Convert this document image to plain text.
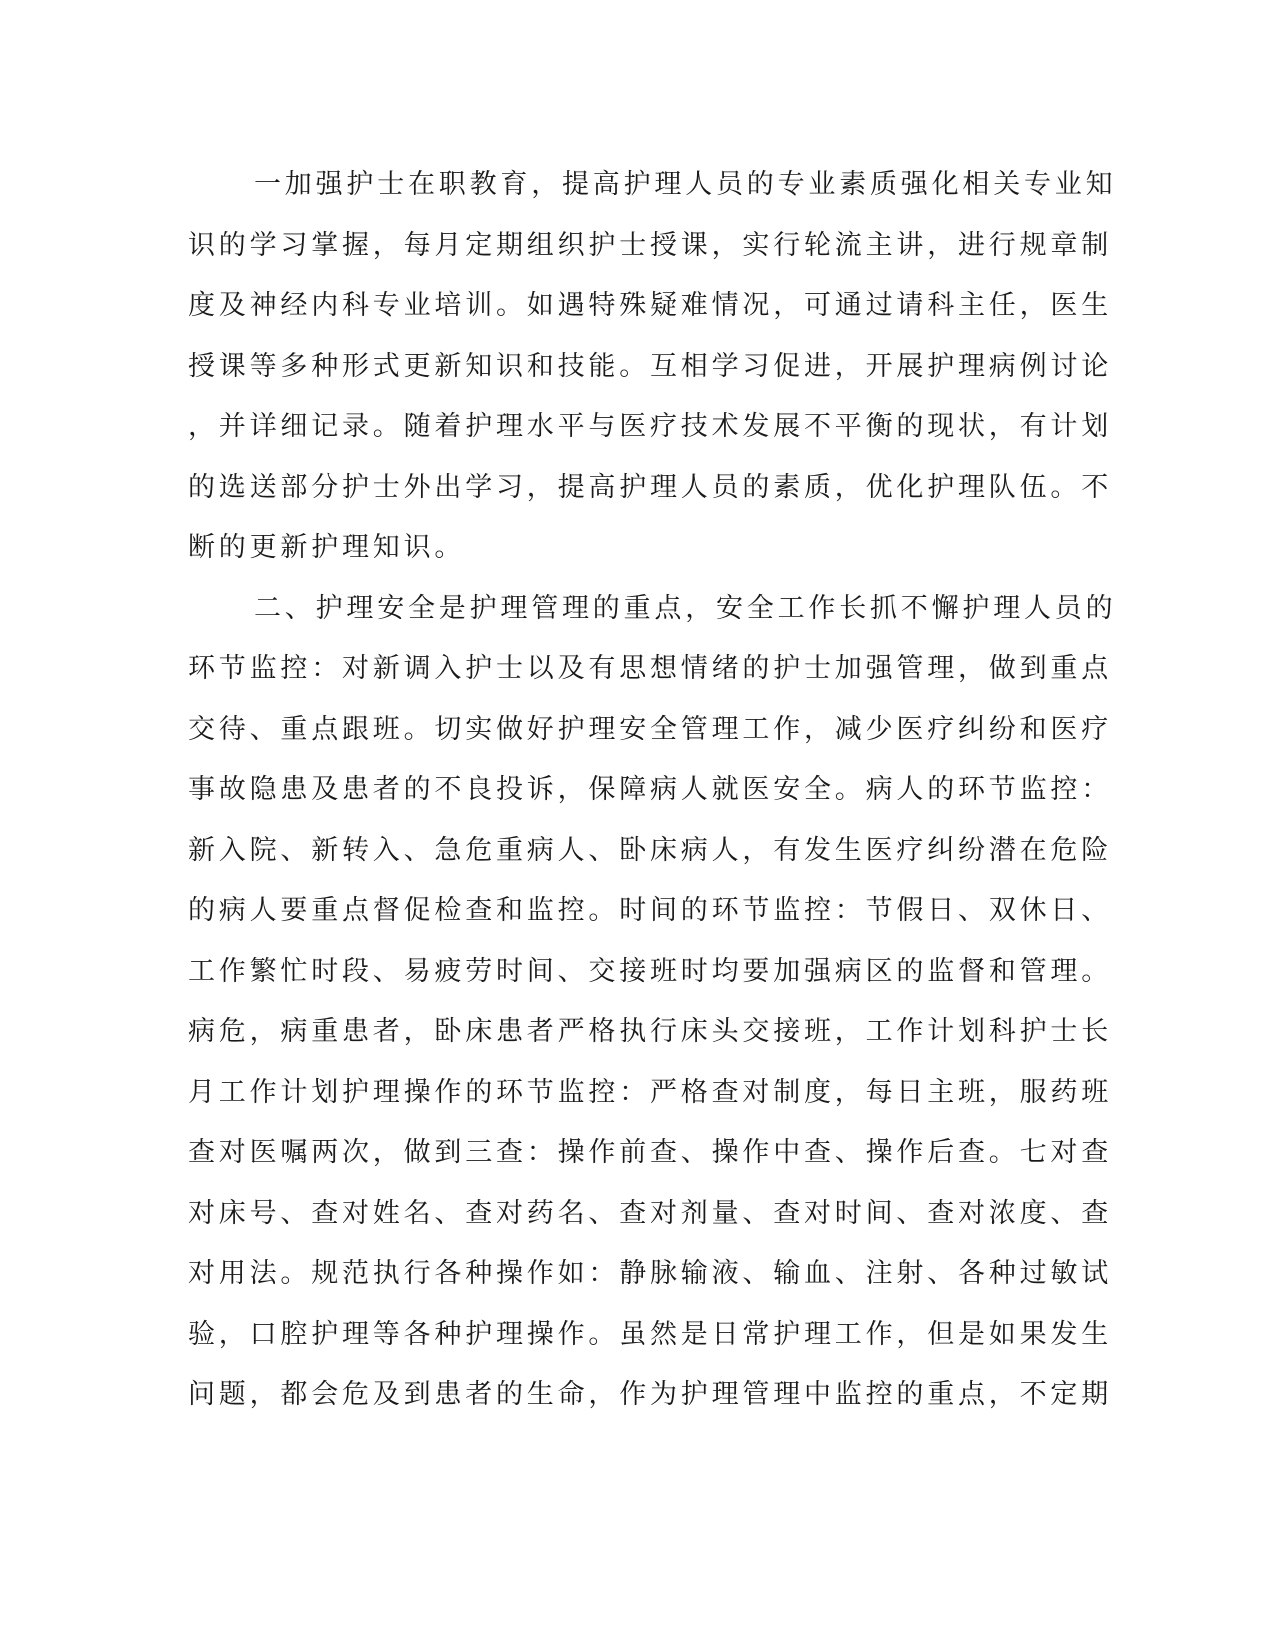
一加强护士在职教育，提高护理人员的专业素质强化相关专业知
识的学习掌握，每月定期组织护士授课，实行轮流主讲，进行规章制
度及神经内科专业培训。如遇特殊疑难情况，可通过请科主任，医生
授课等多种形式更新知识和技能。互相学习促进，开展护理病例讨论
，并详细记录。随着护理水平与医疗技术发展不平衡的现状，有计划
的选送部分护士外出学习，提高护理人员的素质，优化护理队伍。不
断的更新护理知识。
二、护理安全是护理管理的重点，安全工作长抓不懈护理人员的
环节监控：对新调入护士以及有思想情绪的护士加强管理，做到重点
交待、重点跟班。切实做好护理安全管理工作，减少医疗纠纷和医疗
事故隐患及患者的不良投诉，保障病人就医安全。病人的环节监控：
新入院、新转入、急危重病人、卧床病人，有发生医疗纠纷潜在危险
的病人要重点督促检查和监控。时间的环节监控：节假日、双休日、
工作繁忙时段、易疲劳时间、交接班时均要加强病区的监督和管理。
病危，病重患者，卧床患者严格执行床头交接班，工作计划科护士长
月工作计划护理操作的环节监控：严格查对制度，每日主班，服药班
查对医嘱两次，做到三查：操作前查、操作中查、操作后查。七对查
对床号、查对姓名、查对药名、查对剂量、查对时间、查对浓度、查
对用法。规范执行各种操作如：静脉输液、输血、注射、各种过敏试
验，口腔护理等各种护理操作。虽然是日常护理工作，但是如果发生
问题，都会危及到患者的生命，作为护理管理中监控的重点，不定期
